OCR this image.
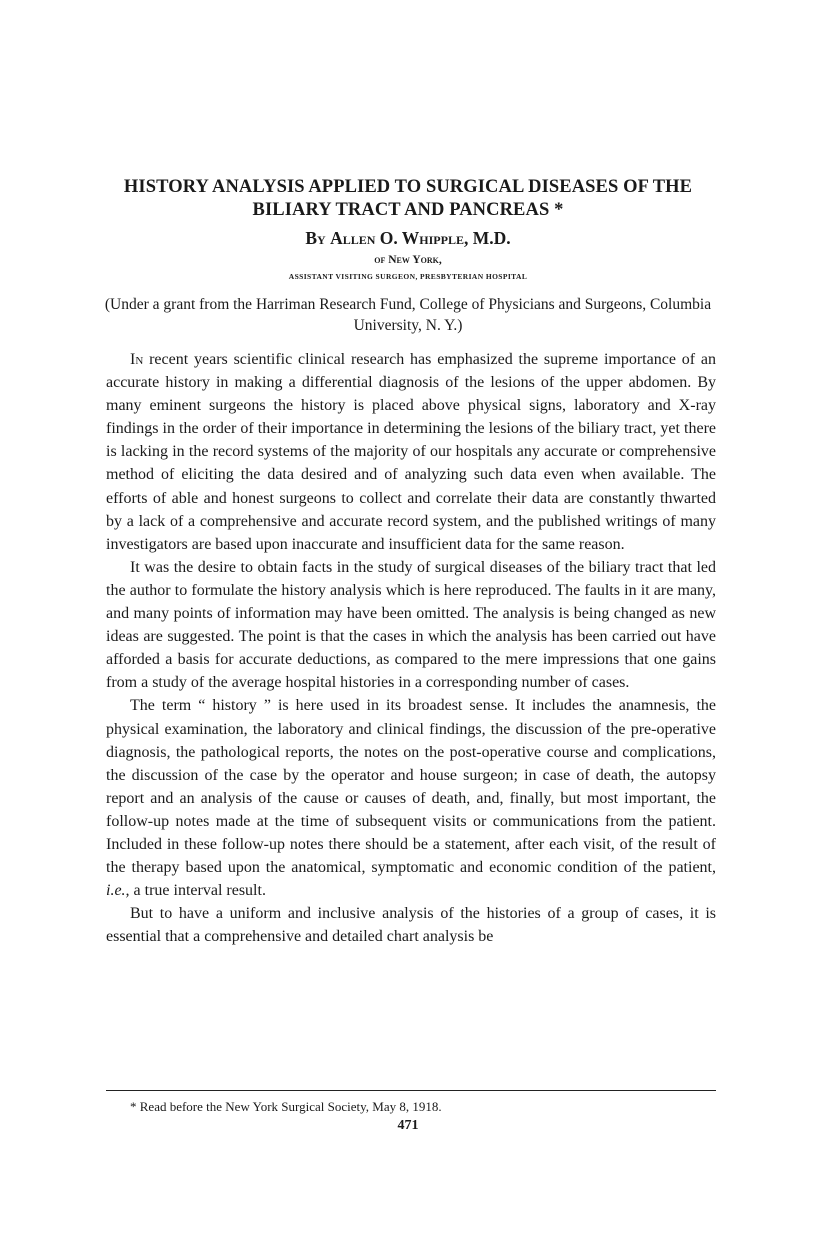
HISTORY ANALYSIS APPLIED TO SURGICAL DISEASES OF THE BILIARY TRACT AND PANCREAS *

By Allen O. Whipple, M.D.

of New York,

ASSISTANT VISITING SURGEON, PRESBYTERIAN HOSPITAL

(Under a grant from the Harriman Research Fund, College of Physicians and Surgeons, Columbia University, N. Y.)

In recent years scientific clinical research has emphasized the supreme importance of an accurate history in making a differential diagnosis of the lesions of the upper abdomen. By many eminent surgeons the history is placed above physical signs, laboratory and X-ray findings in the order of their importance in determining the lesions of the biliary tract, yet there is lacking in the record systems of the majority of our hospitals any accurate or comprehensive method of eliciting the data desired and of analyzing such data even when available. The efforts of able and honest surgeons to collect and correlate their data are constantly thwarted by a lack of a comprehensive and accurate record system, and the published writings of many investigators are based upon inaccurate and insufficient data for the same reason.

It was the desire to obtain facts in the study of surgical diseases of the biliary tract that led the author to formulate the history analysis which is here reproduced. The faults in it are many, and many points of information may have been omitted. The analysis is being changed as new ideas are suggested. The point is that the cases in which the analysis has been carried out have afforded a basis for accurate deductions, as compared to the mere impressions that one gains from a study of the average hospital histories in a corresponding number of cases.

The term “ history ” is here used in its broadest sense. It includes the anamnesis, the physical examination, the laboratory and clinical findings, the discussion of the pre-operative diagnosis, the pathological reports, the notes on the post-operative course and complications, the discussion of the case by the operator and house surgeon; in case of death, the autopsy report and an analysis of the cause or causes of death, and, finally, but most important, the follow-up notes made at the time of subsequent visits or communications from the patient. Included in these follow-up notes there should be a statement, after each visit, of the result of the therapy based upon the anatomical, symptomatic and economic condition of the patient, i.e., a true interval result.

But to have a uniform and inclusive analysis of the histories of a group of cases, it is essential that a comprehensive and detailed chart analysis be

* Read before the New York Surgical Society, May 8, 1918.

471
